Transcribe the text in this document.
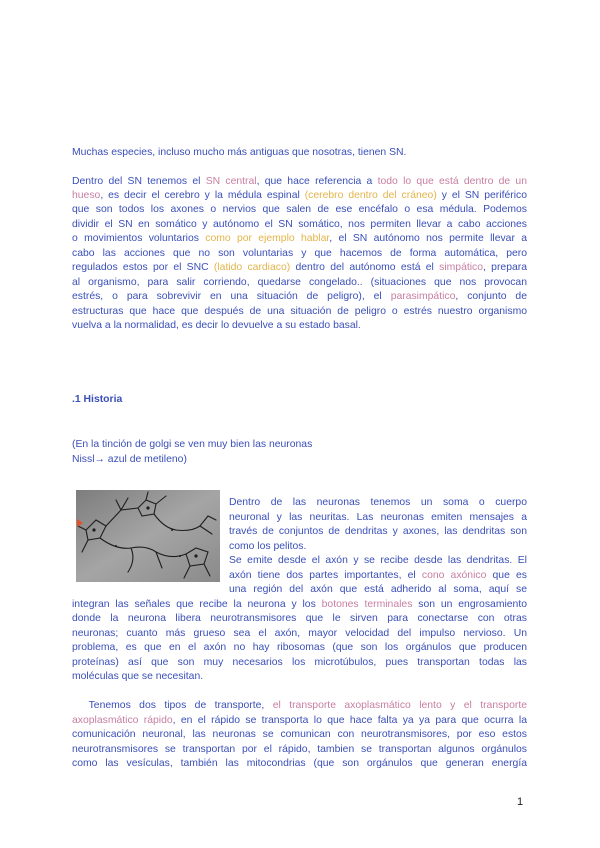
Muchas especies, incluso mucho más antiguas que nosotras, tienen SN.

Dentro del SN tenemos el SN central, que hace referencia a todo lo que está dentro de un

hueso, es decir el cerebro y la médula espinal (cerebro dentro del cráneo) y el SN periférico

que son todos los axones o nervios que salen de ese encéfalo o esa médula. Podemos

dividir el SN en somático y autónomo el SN somático, nos permiten llevar a cabo acciones

o movimientos voluntarios como por ejemplo hablar, el SN autónomo nos permite llevar a

cabo las acciones que no son voluntarias y que hacemos de forma automática, pero

regulados estos por el SNC (latido cardiaco) dentro del autónomo está el simpático, prepara

al organismo, para salir corriendo, quedarse congelado.. (situaciones que nos provocan

estrés, o para sobrevivir en una situación de peligro), el parasimpático, conjunto de

estructuras que hace que después de una situación de peligro o estrés nuestro organismo

vuelva a la normalidad, es decir lo devuelve a su estado basal.

.1 Historia

(En la tinción de golgi se ven muy bien las neuronas

Nissl→ azul de metileno)

Dentro de las neuronas tenemos un soma o cuerpo

neuronal y las neuritas. Las neuronas emiten mensajes a

través de conjuntos de dendritas y axones, las dendritas son

como los pelitos.

Se emite desde el axón y se recibe desde las dendritas. El

axón tiene dos partes importantes, el cono axónico que es

una región del axón que está adherido al soma, aquí se

integran las señales que recibe la neurona y los botones terminales son un engrosamiento

donde la neurona libera neurotransmisores que le sirven para conectarse con otras

neuronas; cuanto más grueso sea el axón, mayor velocidad del impulso nervioso. Un

problema, es que en el axón no hay ribosomas (que son los orgánulos que producen

proteínas) así que son muy necesarios los microtúbulos, pues transportan todas las

moléculas que se necesitan.

Tenemos dos tipos de transporte, el transporte axoplasmático lento y el transporte

axoplasmático rápido, en el rápido se transporta lo que hace falta ya ya para que ocurra la

comunicación neuronal, las neuronas se comunican con neurotransmisores, por eso estos

neurotransmisores se transportan por el rápido, tambien se transportan algunos orgánulos

como las vesículas, también las mitocondrias (que son orgánulos que generan energía

1
